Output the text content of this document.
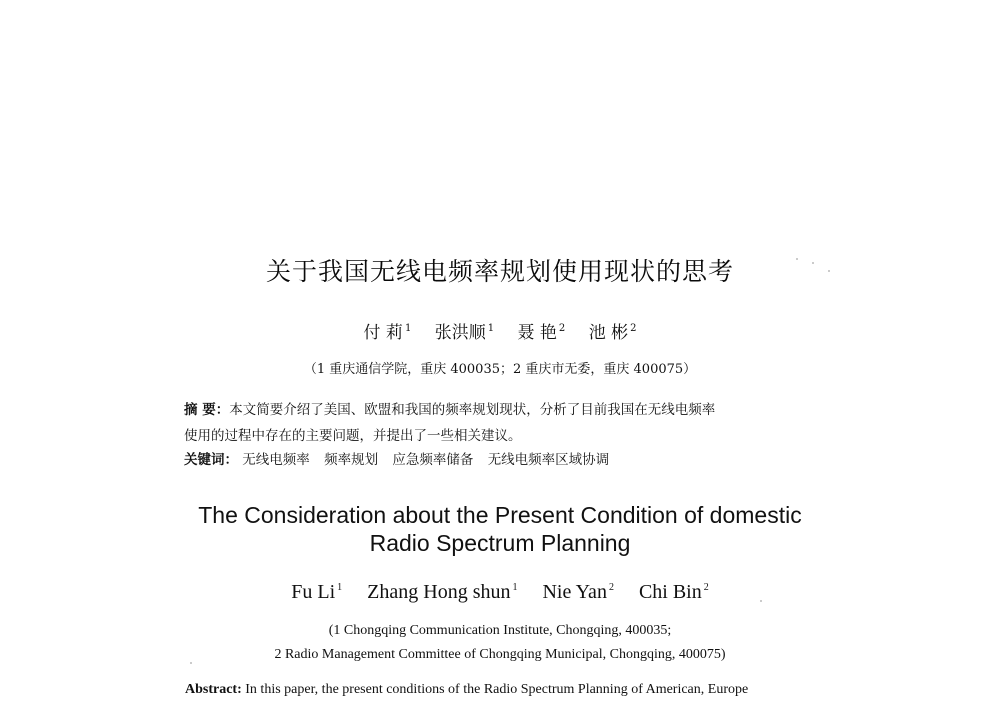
关于我国无线电频率规划使用现状的思考
付 莉 $^1$ 张洪顺 $^1$ 聂 艳 $^2$ 池 彬 $^2$
（1 重庆通信学院，重庆 400035；2 重庆市无委，重庆 400075）
摘 要：本文简要介绍了美国、欧盟和我国的频率规划现状，分析了目前我国在无线电频率
使用的过程中存在的主要问题，并提出了一些相关建议。
关键词： 无线电频率 频率规划 应急频率储备 无线电频率区域协调
The Consideration about the Present Condition of domestic
Radio Spectrum Planning
Fu Li $^1$ Zhang Hong shun $^1$ Nie Yan $^2$ Chi Bin $^2$
(1 Chongqing Communication Institute, Chongqing, 400035;
2 Radio Management Committee of Chongqing Municipal, Chongqing, 400075)
Abstract: In this paper, the present conditions of the Radio Spectrum Planning of American, Europe
